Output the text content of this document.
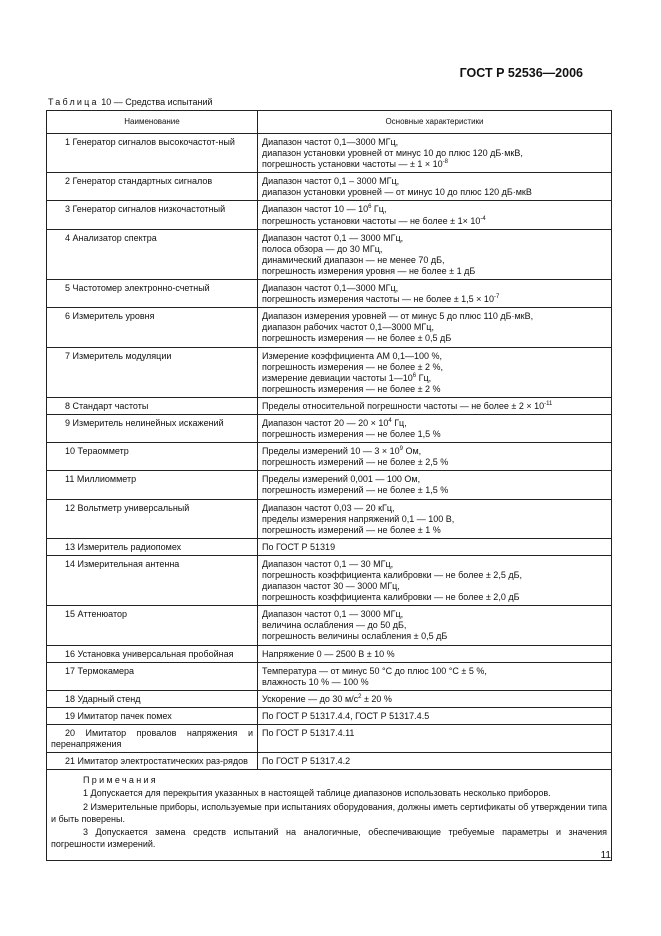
ГОСТ Р 52536—2006
Таблица 10 — Средства испытаний
Наименование	Основные характеристики

1 Генератор сигналов высокочастот-ный	Диапазон частот 0,1—3000 МГц,
диапазон установки уровней от минус 10 до плюс 120 дБ·мкВ,
погрешность установки частоты — ± $1 \times 10^{-8}$

2 Генератор стандартных сигналов	Диапазон частот 0,1 – 3000 МГц,
диапазон установки уровней — от минус 10 до плюс 120 дБ·мкВ

3 Генератор сигналов низкочастотный	Диапазон частот 10 — $10^6$ Гц,
погрешность установки частоты — не более ± $1\times 10^{-4}$

4 Анализатор спектра	Диапазон частот 0,1 — 3000 МГц,
полоса обзора — до 30 МГц,
динамический диапазон — не менее 70 дБ,
погрешность измерения уровня — не более ± 1 дБ

5 Частотомер электронно-счетный	Диапазон частот 0,1—3000 МГц,
погрешность измерения частоты — не более ± $1,5 \times 10^{-7}$

6 Измеритель уровня	Диапазон измерения уровней — от минус 5 до плюс 110 дБ·мкВ,
диапазон рабочих частот 0,1—3000 МГц,
погрешность измерения — не более ± 0,5 дБ

7 Измеритель модуляции	Измерение коэффициента АМ 0,1—100 %,
погрешность измерения — не более ± 2 %,
измерение девиации частоты $1—10^6$ Гц,
погрешность измерения — не более ± 2 %

8 Стандарт частоты	Пределы относительной погрешности частоты — не более ± $2 \times 10^{-11}$

9 Измеритель нелинейных искажений	Диапазон частот 20 — $20 \times 10^4$ Гц,
погрешность измерения — не более 1,5 %

10 Тераомметр	Пределы измерений 10 — $3 \times 10^9$ Ом,
погрешность измерений — не более ± 2,5 %

11 Миллиомметр	Пределы измерений 0,001 — 100 Ом,
погрешность измерений — не более ± 1,5 %

12 Вольтметр универсальный	Диапазон частот 0,03 — 20 кГц,
пределы измерения напряжений 0,1 — 100 В,
погрешность измерений — не более ± 1 %

13 Измеритель радиопомех	По ГОСТ Р 51319

14 Измерительная антенна	Диапазон частот 0,1 — 30 МГц,
погрешность коэффициента калибровки — не более ± 2,5 дБ,
диапазон частот 30 — 3000 МГц,
погрешность коэффициента калибровки — не более ± 2,0 дБ

15 Аттенюатор	Диапазон частот 0,1 — 3000 МГц,
величина ослабления — до 50 дБ,
погрешность величины ослабления ± 0,5 дБ

16 Установка универсальная пробойная	Напряжение 0 — 2500 В ± 10 %

17 Термокамера	Температура — от минус 50 °С до плюс 100 °С ± 5 %,
влажность 10 % — 100 %

18 Ударный стенд	Ускорение — до 30 $м/с^2 \pm 20$ %

19 Имитатор пачек помех	По ГОСТ Р 51317.4.4, ГОСТ Р 51317.4.5

20 Имитатор провалов напряжения и перенапряжения	По ГОСТ Р 51317.4.11

21 Имитатор электростатических раз-рядов	По ГОСТ Р 51317.4.2

Примечания
1 Допускается для перекрытия указанных в настоящей таблице диапазонов использовать несколько приборов.
2 Измерительные приборы, используемые при испытаниях оборудования, должны иметь сертификаты об утверждении типа и быть поверены.
3 Допускается замена средств испытаний на аналогичные, обеспечивающие требуемые параметры и значения погрешности измерений.	
11
